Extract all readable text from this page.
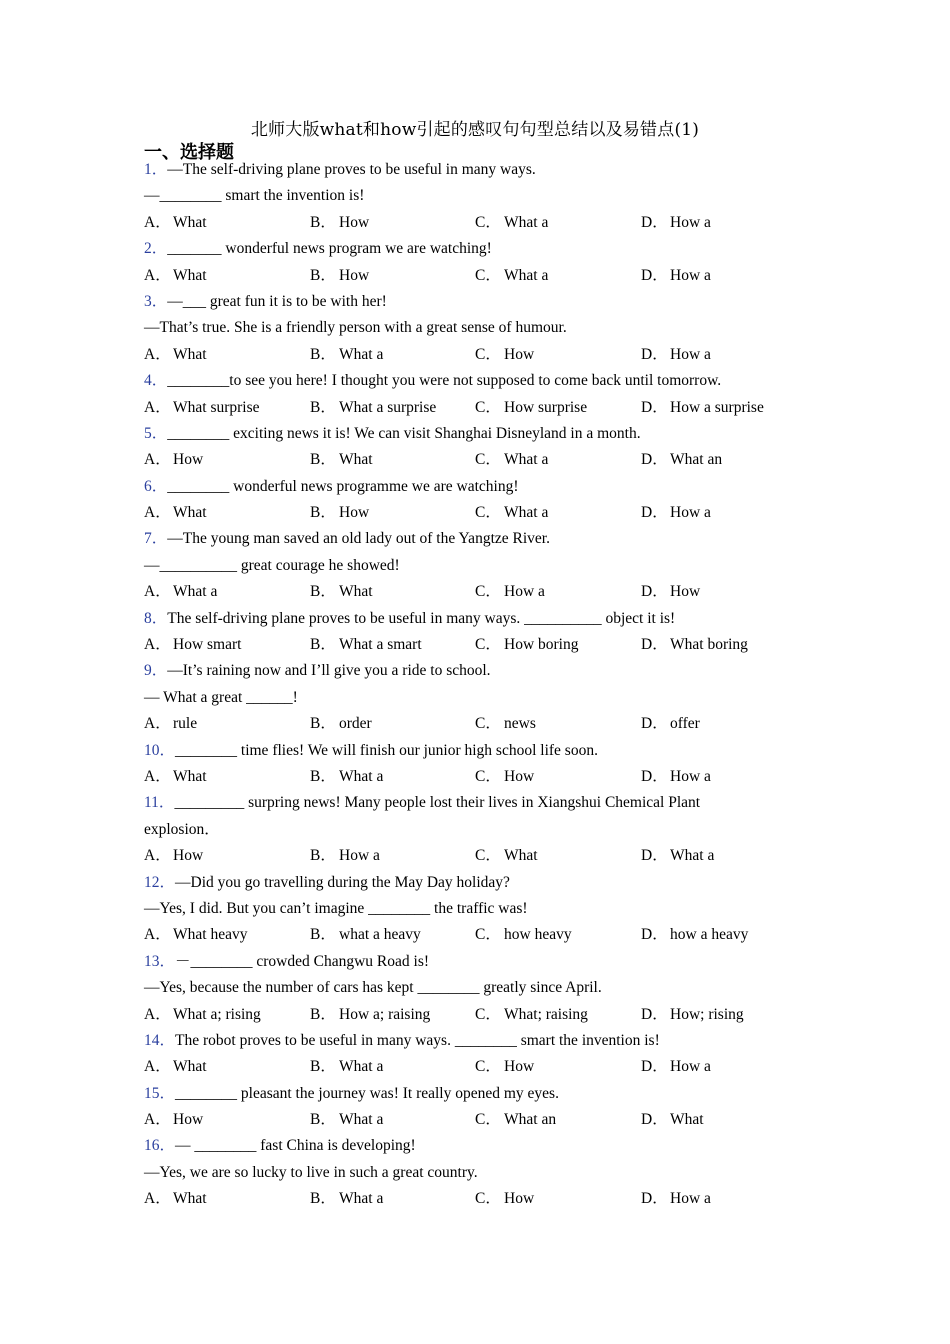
北师大版what和how引起的感叹句句型总结以及易错点(1)
一、选择题
1．—The self-driving plane proves to be useful in many ways.
—________ smart the invention is!
A． What	B． How	C． What a	D． How a
2．_______ wonderful news program we are watching!
A． What	B． How	C． What a	D． How a
3．—___ great fun it is to be with her!
—That’s true. She is a friendly person with a great sense of humour.
A． What	B． What a	C． How	D． How a
4．________to see you here! I thought you were not supposed to come back until tomorrow.
A． What surprise	B． What a surprise C． How surprise	D． How a surprise
5．________ exciting news it is! We can visit Shanghai Disneyland in a month.
A． How	B． What	C． What a	D． What an
6．________ wonderful news programme we are watching!
A． What	B． How	C． What a	D． How a
7．—The young man saved an old lady out of the Yangtze River.
—__________ great courage he showed!
A． What a	B． What	C． How a	D． How
8．The self-driving plane proves to be useful in many ways. __________ object it is!
A． How smart	B． What a smart	C． How boring	D． What boring
9．—It’s raining now and I’ll give you a ride to school.
— What a great ______!
A． rule	B． order	C． news	D． offer
10．________ time flies! We will finish our junior high school life soon.
A． What	B． What a	C． How	D． How a
11．_________ surpring news! Many people lost their lives in Xiangshui Chemical Plant
explosion．
A． How	B． How a	C． What	D． What a
12．—Did you go travelling during the May Day holiday?
—Yes, I did. But you can’t imagine ________ the traffic was!
A． What heavy	B． what a heavy	C． how heavy	D． how a heavy
13．－________ crowded Changwu Road is!
—Yes, because the number of cars has kept ________ greatly since April.
A． What a; rising	B． How a; raising	C． What; raising	D． How; rising
14．The robot proves to be useful in many ways. ________ smart the invention is!
A． What	B． What a	C． How	D． How a
15．________ pleasant the journey was! It really opened my eyes.
A． How	B． What a	C． What an	D． What
16．— ________ fast China is developing!
—Yes, we are so lucky to live in such a great country.
A． What	B． What a	C． How	D． How a
